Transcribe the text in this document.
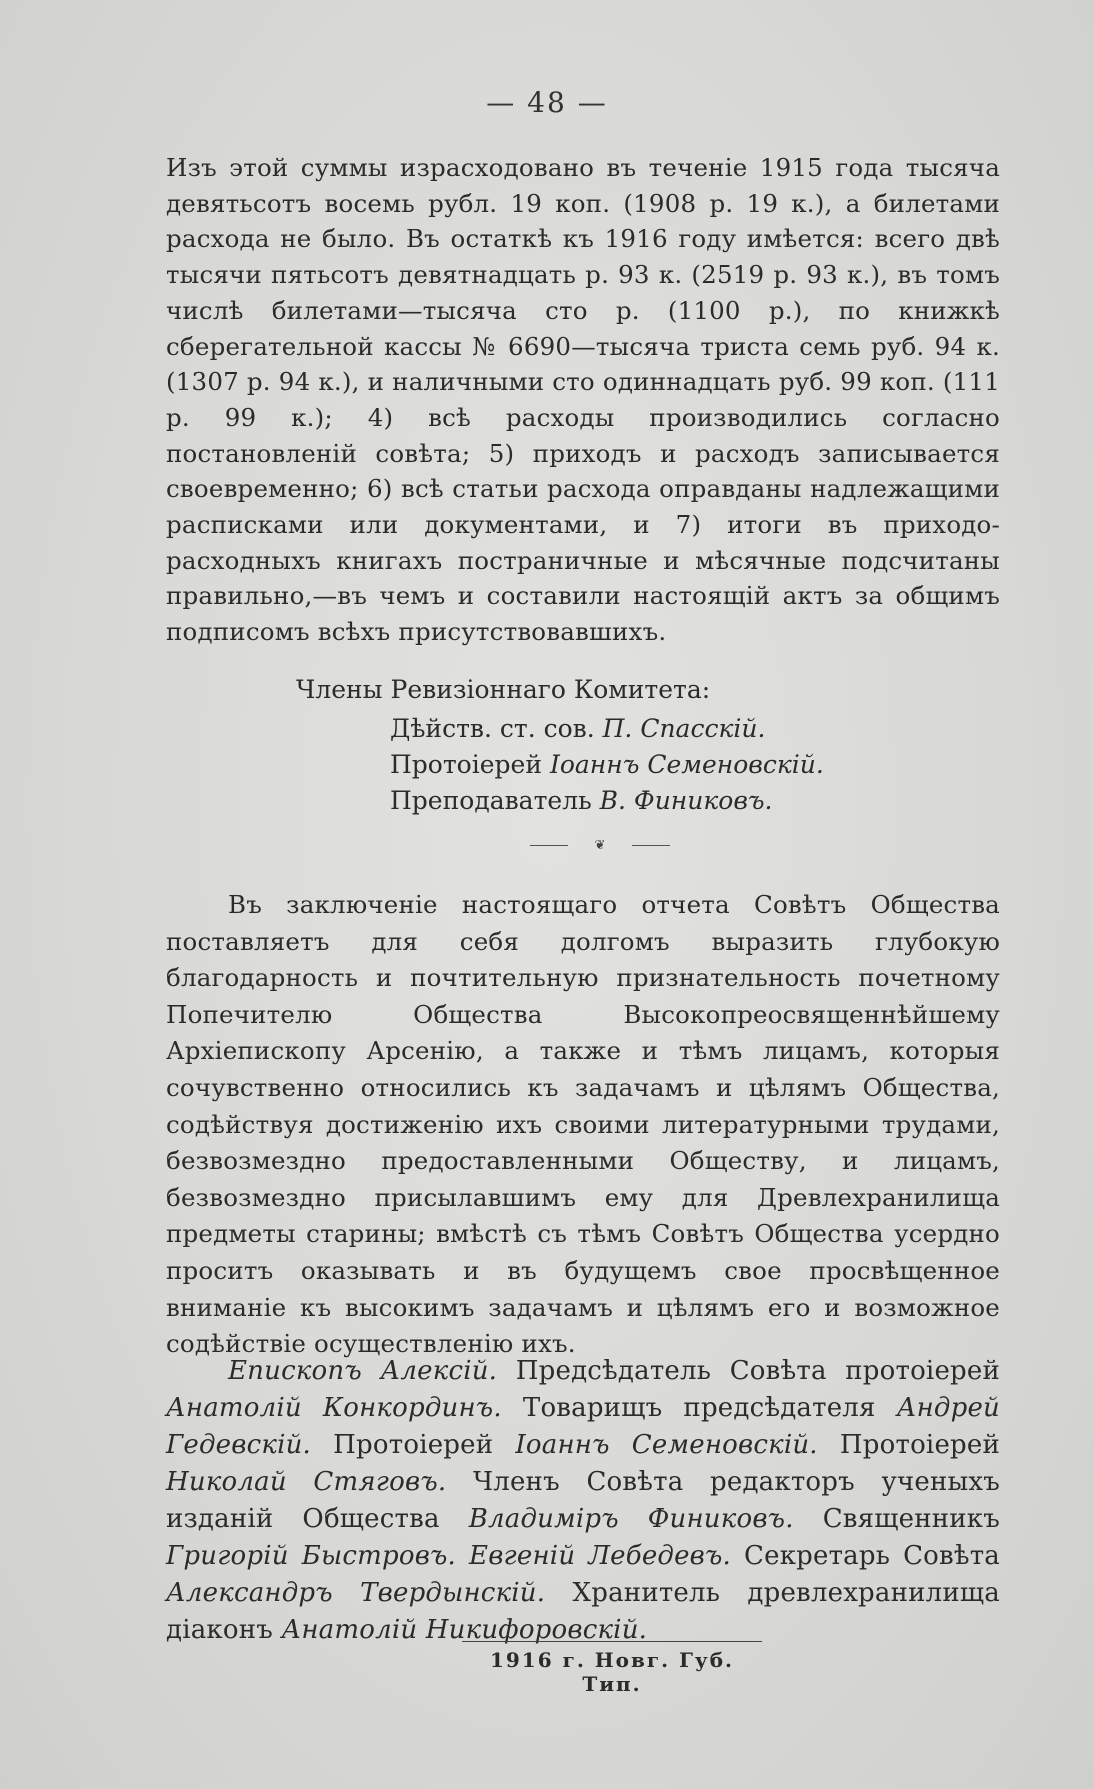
— 48 —
Изъ этой суммы израсходовано въ теченіе 1915 года тысяча девятьсотъ восемь рубл. 19 коп. (1908 р. 19 к.), а билетами расхода не было. Въ остаткѣ къ 1916 году имѣется: всего двѣ тысячи пятьсотъ девятнадцать р. 93 к. (2519 р. 93 к.), въ томъ числѣ билетами—тысяча сто р. (1100 р.), по книжкѣ сберегательной кассы № 6690—тысяча триста семь руб. 94 к. (1307 р. 94 к.), и наличными сто одиннадцать руб. 99 коп. (111 р. 99 к.); 4) всѣ расходы производились согласно постановленій совѣта; 5) приходъ и расходъ записывается своевременно; 6) всѣ статьи расхода оправданы надлежащими расписками или документами, и 7) итоги въ приходо-расходныхъ книгахъ постраничные и мѣсячные подсчитаны правильно,—въ чемъ и составили настоящій актъ за общимъ подписомъ всѣхъ присутствовавшихъ.
Члены Ревизіоннаго Комитета:
Дѣйств. ст. сов. П. Спасскій.
Протоіерей Іоаннъ Семеновскій.
Преподаватель В. Финиковъ.
❦
Въ заключеніе настоящаго отчета Совѣтъ Общества поставляетъ для себя долгомъ выразить глубокую благодарность и почтительную признательность почетному Попечителю Общества Высокопреосвященнѣйшему Архіепископу Арсенію, а также и тѣмъ лицамъ, которыя сочувственно относились къ задачамъ и цѣлямъ Общества, содѣйствуя достиженію ихъ своими литературными трудами, безвозмездно предоставленными Обществу, и лицамъ, безвозмездно присылавшимъ ему для Древлехранилища предметы старины; вмѣстѣ съ тѣмъ Совѣтъ Общества усердно проситъ оказывать и въ будущемъ свое просвѣщенное вниманіе къ высокимъ задачамъ и цѣлямъ его и возможное содѣйствіе осуществленію ихъ.
Епископъ Алексій. Предсѣдатель Совѣта протоіерей Анатолій Конкординъ. Товарищъ предсѣдателя Андрей Гедевскій. Протоіерей Іоаннъ Семеновскій. Протоіерей Николай Стяговъ. Членъ Совѣта редакторъ ученыхъ изданій Общества Владиміръ Финиковъ. Священникъ Григорій Быстровъ. Евгеній Лебедевъ. Секретарь Совѣта Александръ Твердынскій. Хранитель древлехранилища діаконъ Анатолій Никифоровскій.
1916 г. Новг. Губ. Тип.
